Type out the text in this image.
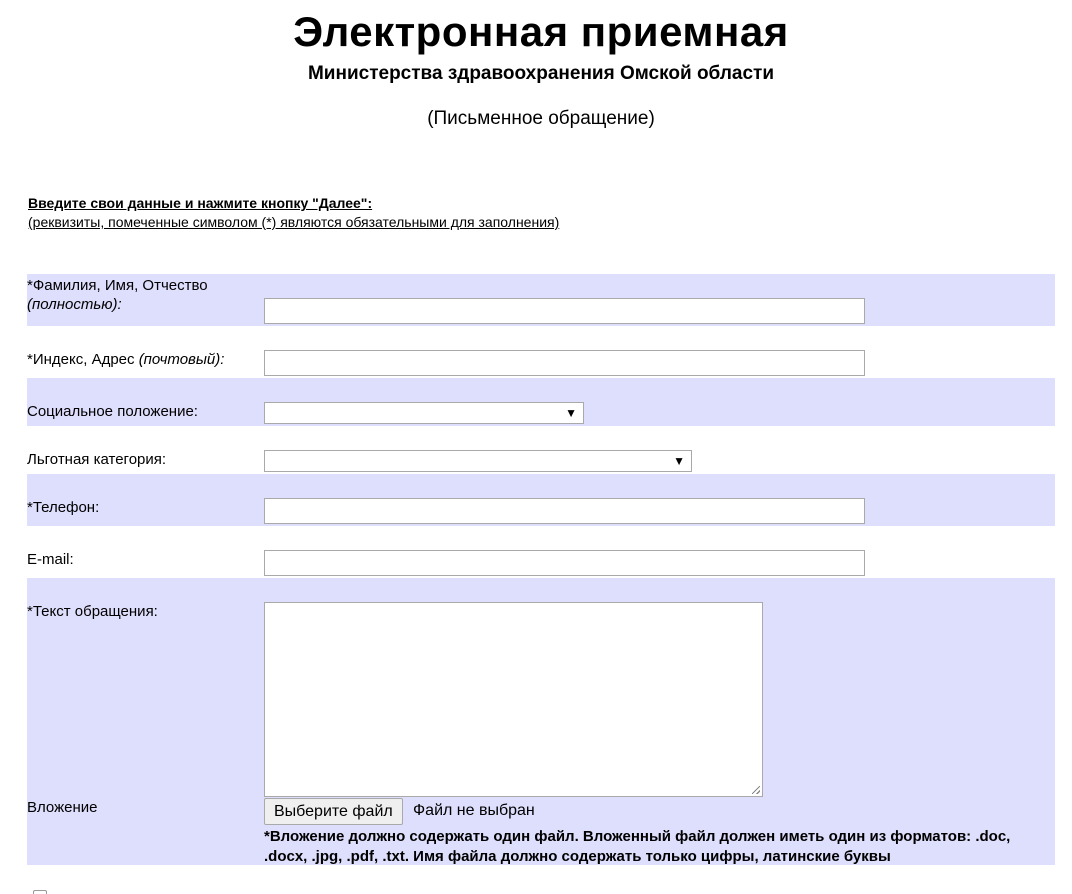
Электронная приемная
Министерства здравоохранения Омской области
(Письменное обращение)
Введите свои данные и нажмите кнопку "Далее":
(реквизиты, помеченные символом (*) являются обязательными для заполнения)
*Фамилия, Имя, Отчество
(полностью):
*Индекс, Адрес (почтовый):
Социальное положение:	▼
Льготная категория:	▼
*Телефон:
E-mail:
*Текст обращения:
Вложение	Выберите файл	Файл не выбран
*Вложение должно содержать один файл. Вложенный файл должен иметь один из форматов: .doc, .docx, .jpg, .pdf, .txt. Имя файла должно содержать только цифры, латинские буквы
